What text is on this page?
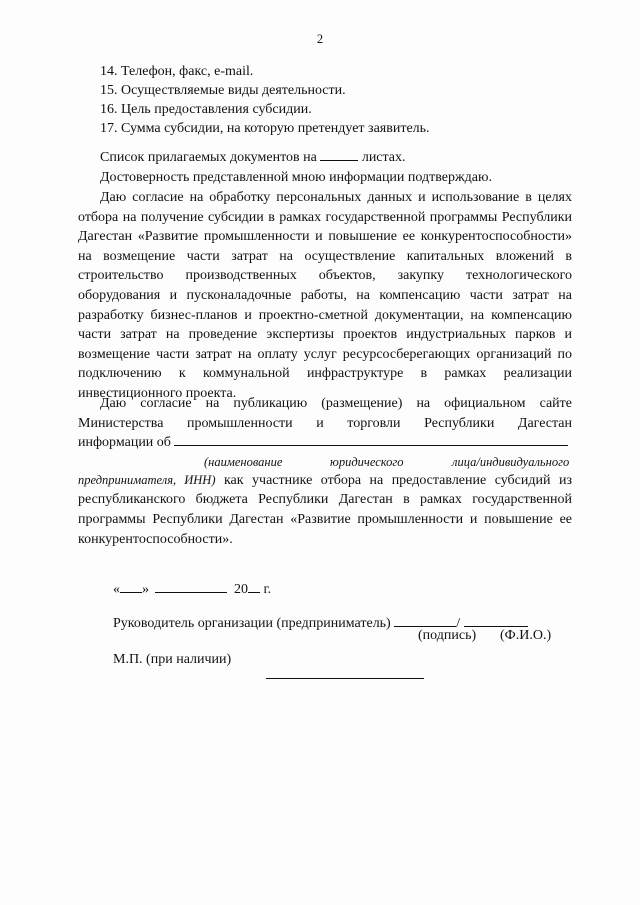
2
14. Телефон, факс, e-mail.
15. Осуществляемые виды деятельности.
16. Цель предоставления субсидии.
17. Сумма субсидии, на которую претендует заявитель.
Список прилагаемых документов на	листах.
Достоверность представленной мною информации подтверждаю.
Даю согласие на обработку персональных данных и использование в целях отбора на получение субсидии в рамках государственной программы Республики Дагестан «Развитие промышленности и повышение ее конкурентоспособности» на возмещение части затрат на осуществление капитальных вложений в строительство производственных объектов, закупку технологического оборудования и пусконаладочные работы, на компенсацию части затрат на разработку бизнес-планов и проектно-сметной документации, на компенсацию части затрат на проведение экспертизы проектов индустриальных парков и возмещение части затрат на оплату услуг ресурсосберегающих организаций по подключению к коммунальной инфраструктуре в рамках реализации инвестиционного проекта.
Даю согласие на публикацию (размещение) на официальном сайте
Министерства промышленности и торговли Республики Дагестан
информации об
(наименование	юридического	лица/индивидуального
предпринимателя, ИНН) как участнике отбора на предоставление субсидий из республиканского бюджета Республики Дагестан в рамках государственной программы Республики Дагестан «Развитие промышленности и повышение ее конкурентоспособности».
« »	20 г.
Руководитель организации (предприниматель)	/
(подпись) (Ф.И.О.)
М.П. (при наличии)
